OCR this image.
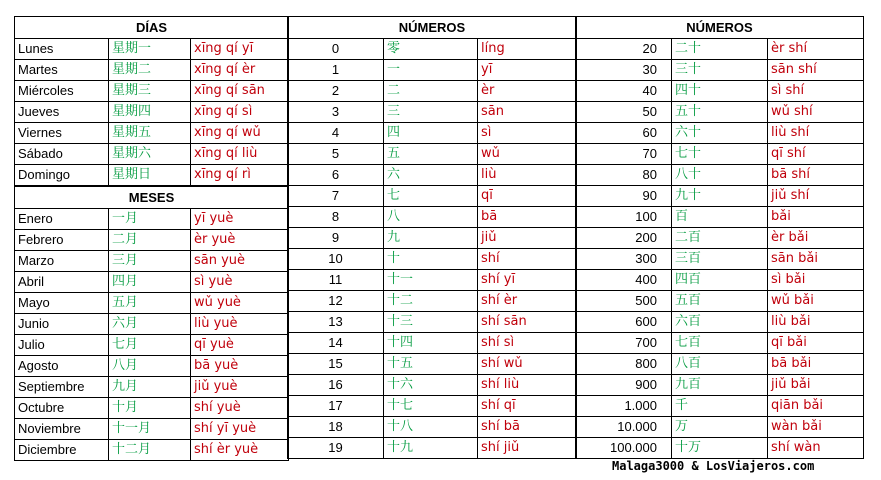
DÍAS		
Lunes	星期一	xīng qí yī
Martes	星期二	xīng qí èr
Miércoles	星期三	xīng qí sān
Jueves	星期四	xīng qí sì
Viernes	星期五	xīng qí wǔ
Sábado	星期六	xīng qí liù
Domingo	星期日	xīng qí rì
MESES		
Enero	一月	yī yuè
Febrero	二月	èr yuè
Marzo	三月	sān yuè
Abril	四月	sì yuè
Mayo	五月	wǔ yuè
Junio	六月	liù yuè
Julio	七月	qī yuè
Agosto	八月	bā yuè
Septiembre	九月	jiǔ yuè
Octubre	十月	shí yuè
Noviembre	十一月	shí yī yuè
Diciembre	十二月	shí èr yuè
NÚMEROS		
0	零	líng
1	一	yī
2	二	èr
3	三	sān
4	四	sì
5	五	wǔ
6	六	liù
7	七	qī
8	八	bā
9	九	jiǔ
10	十	shí
11	十一	shí yī
12	十二	shí èr
13	十三	shí sān
14	十四	shí sì
15	十五	shí wǔ
16	十六	shí liù
17	十七	shí qī
18	十八	shí bā
19	十九	shí jiǔ
NÚMEROS		
20	二十	èr shí
30	三十	sān shí
40	四十	sì shí
50	五十	wǔ shí
60	六十	liù shí
70	七十	qī shí
80	八十	bā shí
90	九十	jiǔ shí
100	百	bǎi
200	二百	èr bǎi
300	三百	sān bǎi
400	四百	sì bǎi
500	五百	wǔ bǎi
600	六百	liù bǎi
700	七百	qī bǎi
800	八百	bā bǎi
900	九百	jiǔ bǎi
1.000	千	qiān bǎi
10.000	万	wàn bǎi
100.000	十万	shí wàn
Malaga3000 & LosViajeros.com
